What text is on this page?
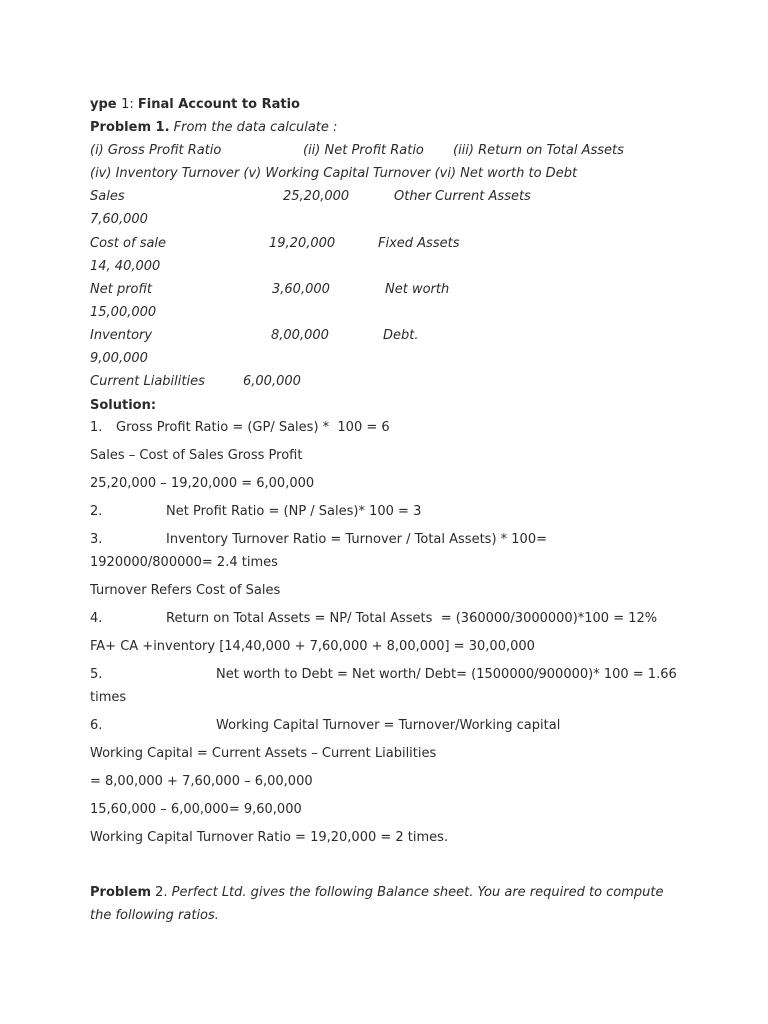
ype 1: Final Account to Ratio
Problem 1. From the data calculate :
(i) Gross Profit Ratio	(ii) Net Profit Ratio (iii) Return on Total Assets
(iv) Inventory Turnover (v) Working Capital Turnover (vi) Net worth to Debt
Sales	25,20,000	Other Current Assets
7,60,000
Cost of sale	19,20,000	Fixed Assets
14, 40,000
Net profit	3,60,000	Net worth
15,00,000
Inventory	8,00,000	Debt.
9,00,000
Current Liabilities	6,00,000
Solution:
1. Gross Profit Ratio = (GP/ Sales) *  100 = 6
Sales – Cost of Sales Gross Profit
25,20,000 – 19,20,000 = 6,00,000
2.	Net Profit Ratio = (NP / Sales)* 100 = 3
3.	Inventory Turnover Ratio = Turnover / Total Assets) * 100=
1920000/800000= 2.4 times
Turnover Refers Cost of Sales
4.	Return on Total Assets = NP/ Total Assets  = (360000/3000000)*100 = 12%
FA+ CA +inventory [14,40,000 + 7,60,000 + 8,00,000] = 30,00,000
5.	Net worth to Debt = Net worth/ Debt= (1500000/900000)* 100 = 1.66
times
6.	Working Capital Turnover = Turnover/Working capital
Working Capital = Current Assets – Current Liabilities
= 8,00,000 + 7,60,000 – 6,00,000
15,60,000 – 6,00,000= 9,60,000
Working Capital Turnover Ratio = 19,20,000 = 2 times.
Problem 2. Perfect Ltd. gives the following Balance sheet. You are required to compute
the following ratios.
